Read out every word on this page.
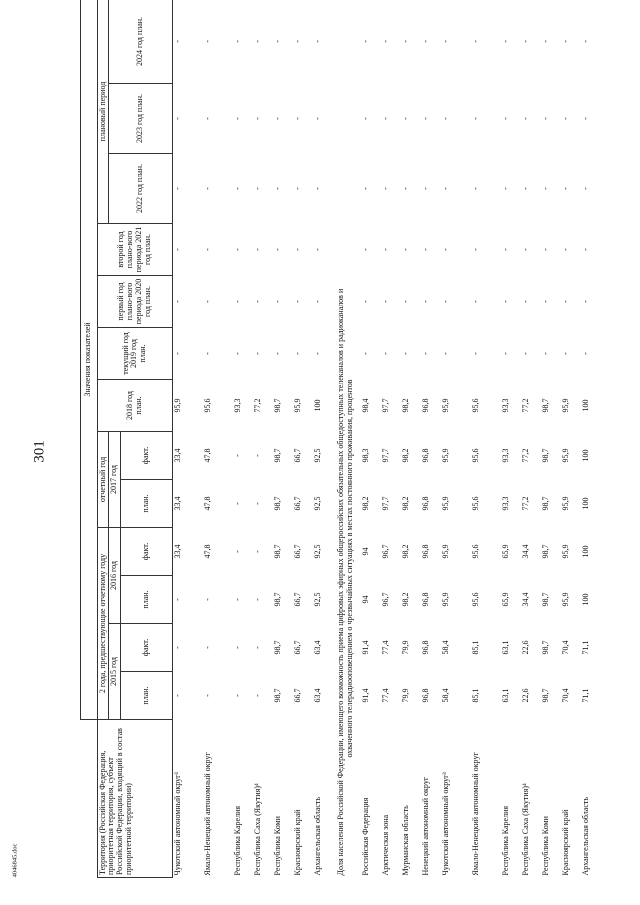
301
4046845.doc
	Значения показателей												
Территория (Российская Федерация, приоритетная территория, субъект Российской Федерации, входящий в состав приоритетной территории)	2 года, предшествующие отчетному году				отчетный год		2018 год план.	текущий год 2019 год план.	первый год плано-вого периода 2020 год план.	второй год плано-вого периода 2021 год план.	плановый период		
	2015 год		2016 год		2017 год						2022 год план.	2023 год план.	2024 год план.
	план.	факт.	план.	факт.	план.	факт.							
Чукотский автономный округ³	-	-	-	33,4	33,4	33,4	95,9	-	-	-	-	-	-
Ямало-Ненецкий автономный округ	-	-	-	47,8	47,8	47,8	95,6	-	-	-	-	-	-
Республика Карелия	-	-	-	-	-	-	93,3	-	-	-	-	-	-
Республика Саха (Якутия)⁴	-	-	-	-	-	-	77,2	-	-	-	-	-	-
Республика Коми	98,7	98,7	98,7	98,7	98,7	98,7	98,7	-	-	-	-	-	-
Красноярский край	66,7	66,7	66,7	66,7	66,7	66,7	95,9	-	-	-	-	-	-
Архангельская область	63,4	63,4	92,5	92,5	92,5	92,5	100	-	-	-	-	-	-
Доля населения Российской Федерации, имеющего возможность приема цифровых эфирных общероссийских обязательных общедоступных телеканалов и радиоканалов и охваченного телерадиооповещением о чрезвычайных ситуациях в местах постоянного проживания, процентов													

Российская Федерация	91,4	91,4	94	94	98,2	98,3	98,4	-	-	-	-	-	-
Арктическая зона	77,4	77,4	96,7	96,7	97,7	97,7	97,7	-	-	-	-	-	-
Мурманская область	79,9	79,9	98,2	98,2	98,2	98,2	98,2	-	-	-	-	-	-
Ненецкий автономный округ	96,8	96,8	96,8	96,8	96,8	96,8	96,8	-	-	-	-	-	-
Чукотский автономный округ³	58,4	58,4	95,9	95,9	95,9	95,9	95,9	-	-	-	-	-	-
Ямало-Ненецкий автономный округ	85,1	85,1	95,6	95,6	95,6	95,6	95,6	-	-	-	-	-	-
Республика Карелия	63,1	63,1	65,9	65,9	93,3	93,3	93,3	-	-	-	-	-	-
Республика Саха (Якутия)⁴	22,6	22,6	34,4	34,4	77,2	77,2	77,2	-	-	-	-	-	-
Республика Коми	98,7	98,7	98,7	98,7	98,7	98,7	98,7	-	-	-	-	-	-
Красноярский край	70,4	70,4	95,9	95,9	95,9	95,9	95,9	-	-	-	-	-	-
Архангельская область	71,1	71,1	100	100	100	100	100	-	-	-	-	-	-
